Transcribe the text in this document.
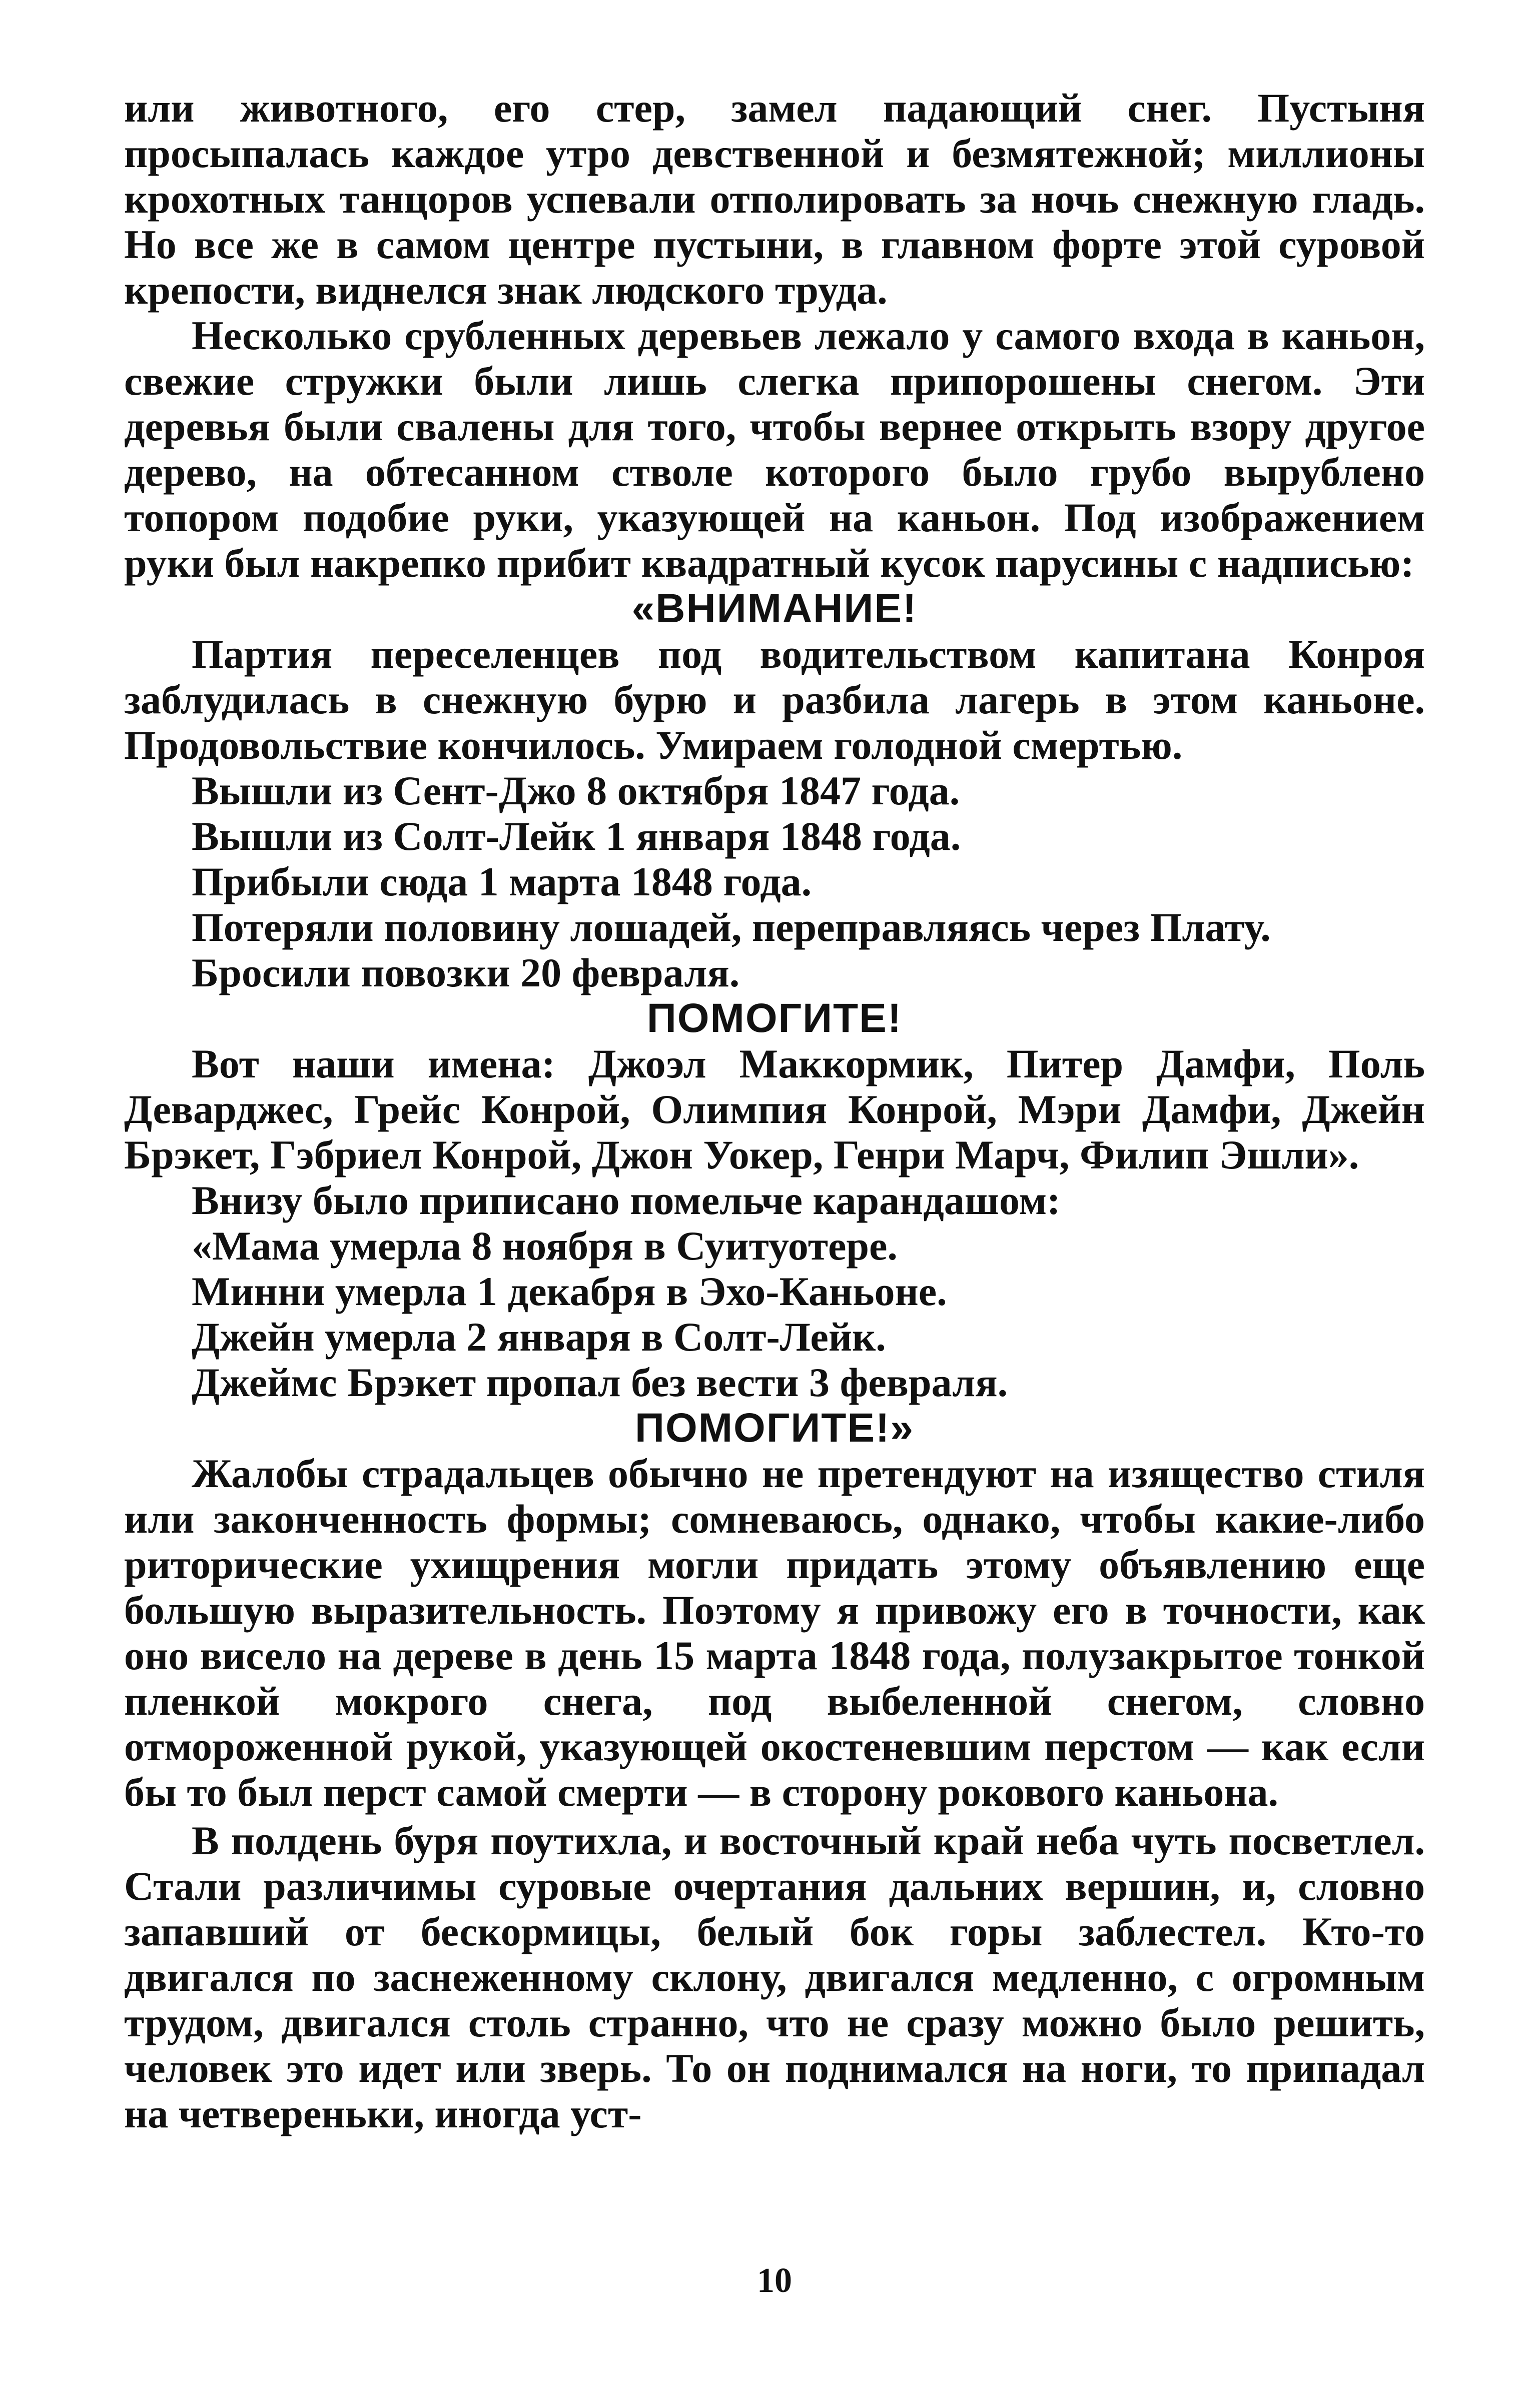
или животного, его стер, замел падающий снег. Пустыня просыпалась каждое утро девственной и безмятежной; миллионы крохотных танцоров успевали отполировать за ночь снежную гладь. Но все же в самом центре пустыни, в главном форте этой суровой крепости, виднелся знак людского труда.

Несколько срубленных деревьев лежало у самого входа в каньон, свежие стружки были лишь слегка припорошены снегом. Эти деревья были свалены для того, чтобы вернее открыть взору другое дерево, на обтесанном стволе которого было грубо вырублено топором подобие руки, указующей на каньон. Под изображением руки был накрепко прибит квадратный кусок парусины с надписью:

«ВНИМАНИЕ!

Партия переселенцев под водительством капитана Конроя заблудилась в снежную бурю и разбила лагерь в этом каньоне. Продовольствие кончилось. Умираем голодной смертью.

Вышли из Сент-Джо 8 октября 1847 года.

Вышли из Солт-Лейк 1 января 1848 года.

Прибыли сюда 1 марта 1848 года.

Потеряли половину лошадей, переправляясь через Плату.

Бросили повозки 20 февраля.

ПОМОГИТЕ!

Вот наши имена: Джоэл Маккормик, Питер Дамфи, Поль Деварджес, Грейс Конрой, Олимпия Конрой, Мэри Дамфи, Джейн Брэкет, Гэбриел Конрой, Джон Уокер, Генри Марч, Филип Эшли».

Внизу было приписано помельче карандашом:

«Мама умерла 8 ноября в Суитуотере.

Минни умерла 1 декабря в Эхо-Каньоне.

Джейн умерла 2 января в Солт-Лейк.

Джеймс Брэкет пропал без вести 3 февраля.

ПОМОГИТЕ!»

Жалобы страдальцев обычно не претендуют на изящество стиля или законченность формы; сомневаюсь, однако, чтобы какие-либо риторические ухищрения могли придать этому объявлению еще большую выразительность. Поэтому я привожу его в точности, как оно висело на дереве в день 15 марта 1848 года, полузакрытое тонкой пленкой мокрого снега, под выбеленной снегом, словно отмороженной рукой, указующей окостеневшим перстом — как если бы то был перст самой смерти — в сторону рокового каньона.

В полдень буря поутихла, и восточный край неба чуть посветлел. Стали различимы суровые очертания дальних вершин, и, словно запавший от бескормицы, белый бок горы заблестел. Кто-то двигался по заснеженному склону, двигался медленно, с огромным трудом, двигался столь странно, что не сразу можно было решить, человек это идет или зверь. То он поднимался на ноги, то припадал на четвереньки, иногда уст-

10
